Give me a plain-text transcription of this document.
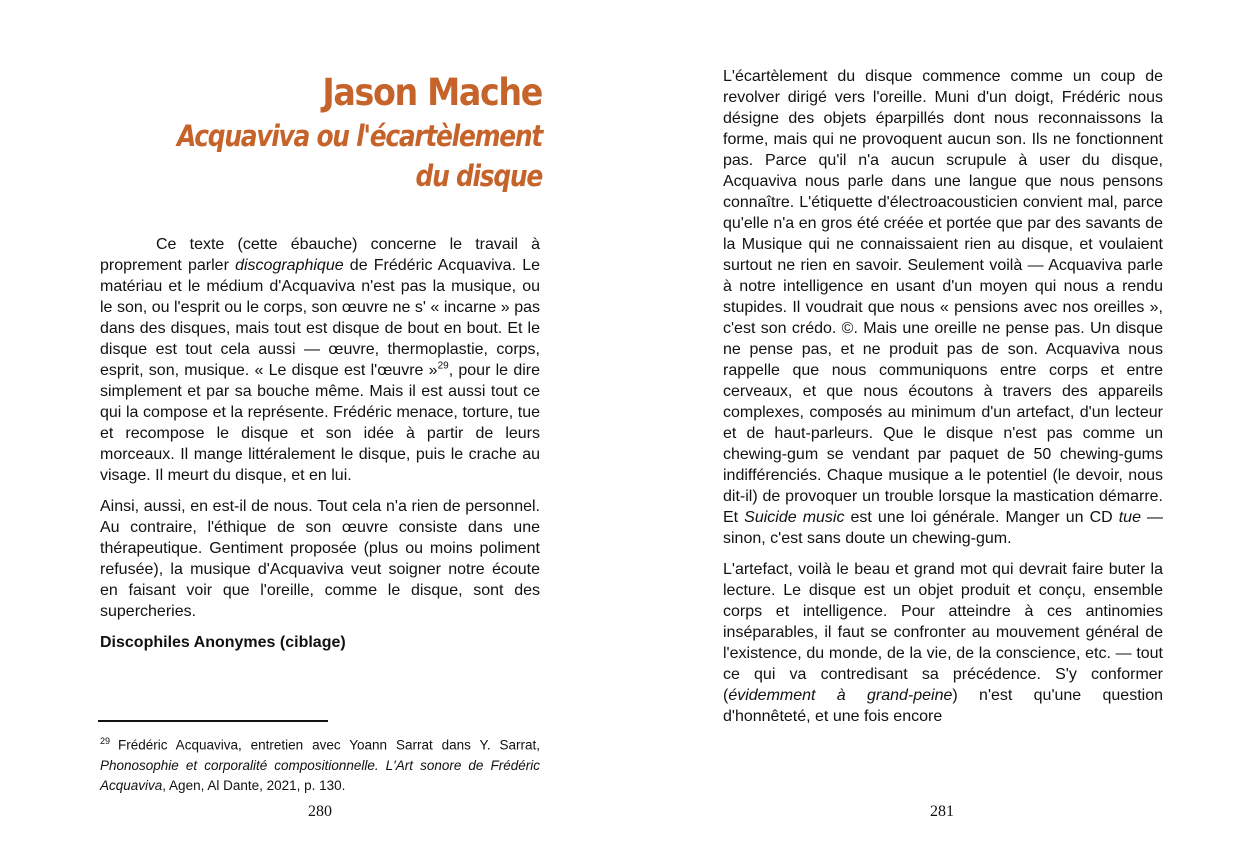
Jason Mache
Acquaviva ou l'écartèlement
du disque

Ce texte (cette ébauche) concerne le travail à proprement parler discographique de Frédéric Acquaviva. Le matériau et le médium d'Acquaviva n'est pas la musique, ou le son, ou l'esprit ou le corps, son œuvre ne s' « incarne » pas dans des disques, mais tout est disque de bout en bout. Et le disque est tout cela aussi — œuvre, thermoplastie, corps, esprit, son, musique. « Le disque est l'œuvre »$^{29}$, pour le dire simplement et par sa bouche même. Mais il est aussi tout ce qui la compose et la représente. Frédéric menace, torture, tue et recompose le disque et son idée à partir de leurs morceaux. Il mange littéralement le disque, puis le crache au visage. Il meurt du disque, et en lui.

Ainsi, aussi, en est-il de nous. Tout cela n'a rien de personnel. Au contraire, l'éthique de son œuvre consiste dans une thérapeutique. Gentiment proposée (plus ou moins poliment refusée), la musique d'Acquaviva veut soigner notre écoute en faisant voir que l'oreille, comme le disque, sont des supercheries.

Discophiles Anonymes (ciblage)

$^{29}$ Frédéric Acquaviva, entretien avec Yoann Sarrat dans Y. Sarrat, Phonosophie et corporalité compositionnelle. L'Art sonore de Frédéric Acquaviva, Agen, Al Dante, 2021, p. 130.
280

L'écartèlement du disque commence comme un coup de revolver dirigé vers l'oreille. Muni d'un doigt, Frédéric nous désigne des objets éparpillés dont nous reconnaissons la forme, mais qui ne provoquent aucun son. Ils ne fonctionnent pas. Parce qu'il n'a aucun scrupule à user du disque, Acquaviva nous parle dans une langue que nous pensons connaître. L'étiquette d'électroacousticien convient mal, parce qu'elle n'a en gros été créée et portée que par des savants de la Musique qui ne connaissaient rien au disque, et voulaient surtout ne rien en savoir. Seulement voilà — Acquaviva parle à notre intelligence en usant d'un moyen qui nous a rendu stupides. Il voudrait que nous « pensions avec nos oreilles », c'est son crédo. ©. Mais une oreille ne pense pas. Un disque ne pense pas, et ne produit pas de son. Acquaviva nous rappelle que nous communiquons entre corps et entre cerveaux, et que nous écoutons à travers des appareils complexes, composés au minimum d'un artefact, d'un lecteur et de haut-parleurs. Que le disque n'est pas comme un chewing-gum se vendant par paquet de 50 chewing-gums indifférenciés. Chaque musique a le potentiel (le devoir, nous dit-il) de provoquer un trouble lorsque la mastication démarre. Et Suicide music est une loi générale. Manger un CD tue — sinon, c'est sans doute un chewing-gum.

L'artefact, voilà le beau et grand mot qui devrait faire buter la lecture. Le disque est un objet produit et conçu, ensemble corps et intelligence. Pour atteindre à ces antinomies inséparables, il faut se confronter au mouvement général de l'existence, du monde, de la vie, de la conscience, etc. — tout ce qui va contredisant sa précédence. S'y conformer (évidemment à grand-peine) n'est qu'une question d'honnêteté, et une fois encore

281
